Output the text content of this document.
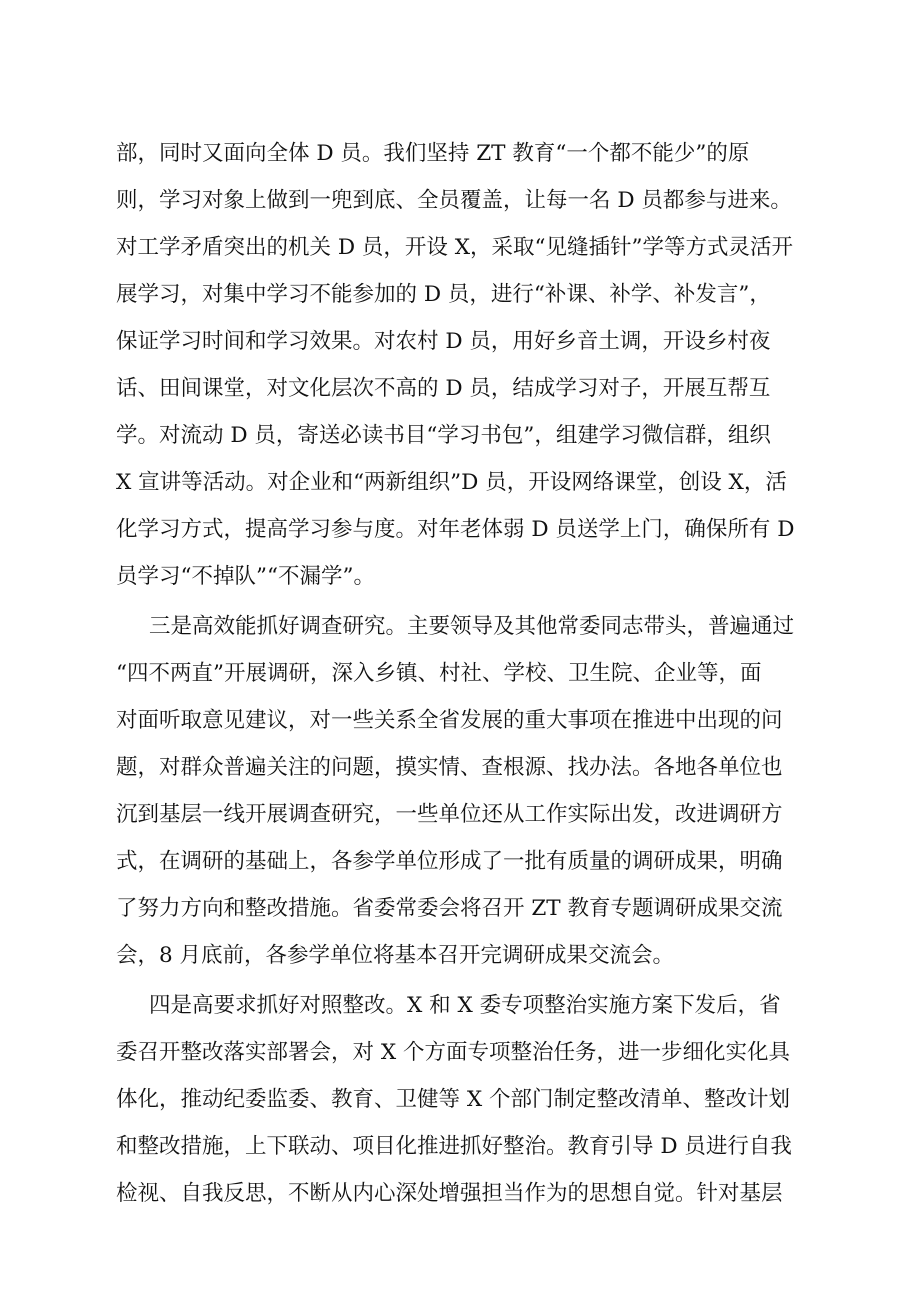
部，同时又面向全体 D 员。我们坚持 ZT 教育“一个都不能少”的原
则，学习对象上做到一兜到底、全员覆盖，让每一名 D 员都参与进来。
对工学矛盾突出的机关 D 员，开设 X，采取“见缝插针”学等方式灵活开
展学习，对集中学习不能参加的 D 员，进行“补课、补学、补发言”，
保证学习时间和学习效果。对农村 D 员，用好乡音土调，开设乡村夜
话、田间课堂，对文化层次不高的 D 员，结成学习对子，开展互帮互
学。对流动 D 员，寄送必读书目“学习书包”，组建学习微信群，组织
X 宣讲等活动。对企业和“两新组织”D 员，开设网络课堂，创设 X，活
化学习方式，提高学习参与度。对年老体弱 D 员送学上门，确保所有 D
员学习“不掉队”“不漏学”。
三是高效能抓好调查研究。主要领导及其他常委同志带头，普遍通过
“四不两直”开展调研，深入乡镇、村社、学校、卫生院、企业等，面
对面听取意见建议，对一些关系全省发展的重大事项在推进中出现的问
题，对群众普遍关注的问题，摸实情、查根源、找办法。各地各单位也
沉到基层一线开展调查研究，一些单位还从工作实际出发，改进调研方
式，在调研的基础上，各参学单位形成了一批有质量的调研成果，明确
了努力方向和整改措施。省委常委会将召开 ZT 教育专题调研成果交流
会，8 月底前，各参学单位将基本召开完调研成果交流会。
四是高要求抓好对照整改。X 和 X 委专项整治实施方案下发后，省
委召开整改落实部署会，对 X 个方面专项整治任务，进一步细化实化具
体化，推动纪委监委、教育、卫健等 X 个部门制定整改清单、整改计划
和整改措施，上下联动、项目化推进抓好整治。教育引导 D 员进行自我
检视、自我反思，不断从内心深处增强担当作为的思想自觉。针对基层
